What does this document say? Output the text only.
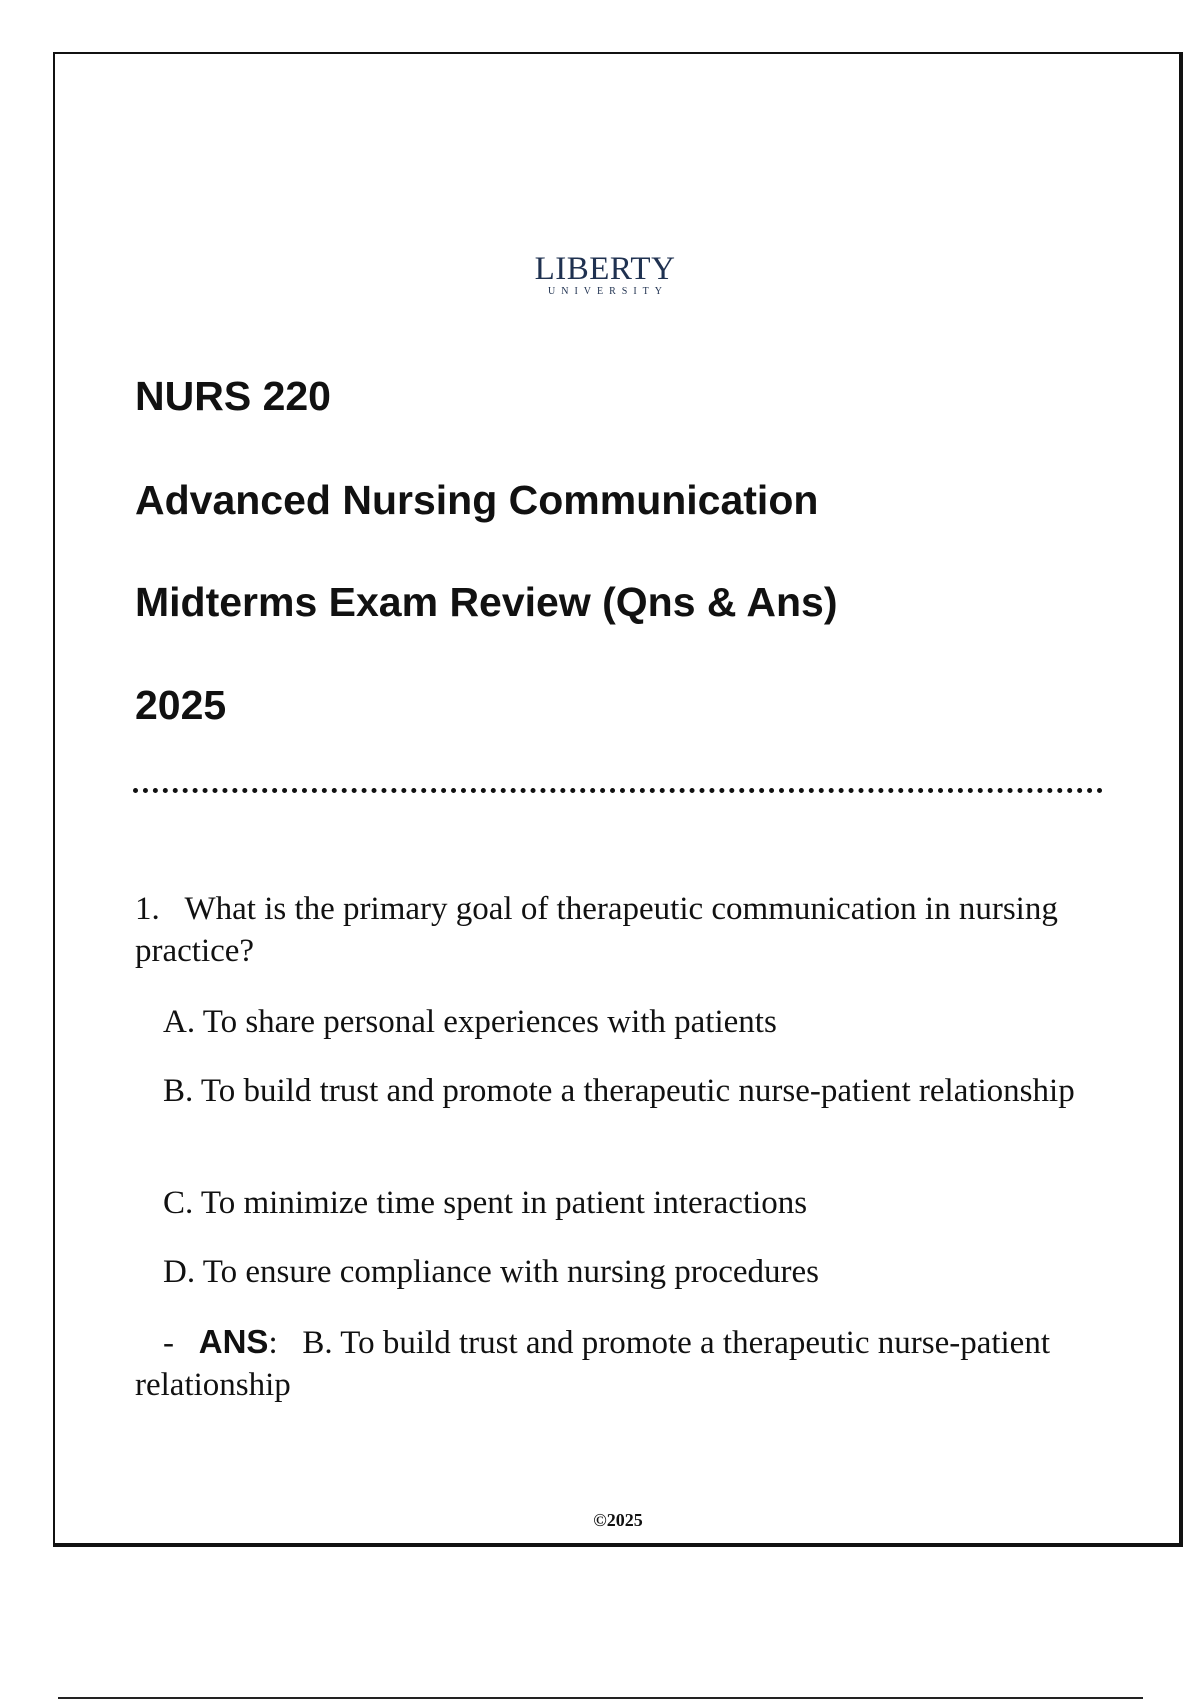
LIBERTY
UNIVERSITY
NURS 220
Advanced Nursing Communication
Midterms Exam Review (Qns & Ans)
2025

1. What is the primary goal of therapeutic communication in nursing practice?

A. To share personal experiences with patients

B. To build trust and promote a therapeutic nurse-patient relationship

C. To minimize time spent in patient interactions

D. To ensure compliance with nursing procedures

- ANS:   B. To build trust and promote a therapeutic nurse-patient relationship

©2025
